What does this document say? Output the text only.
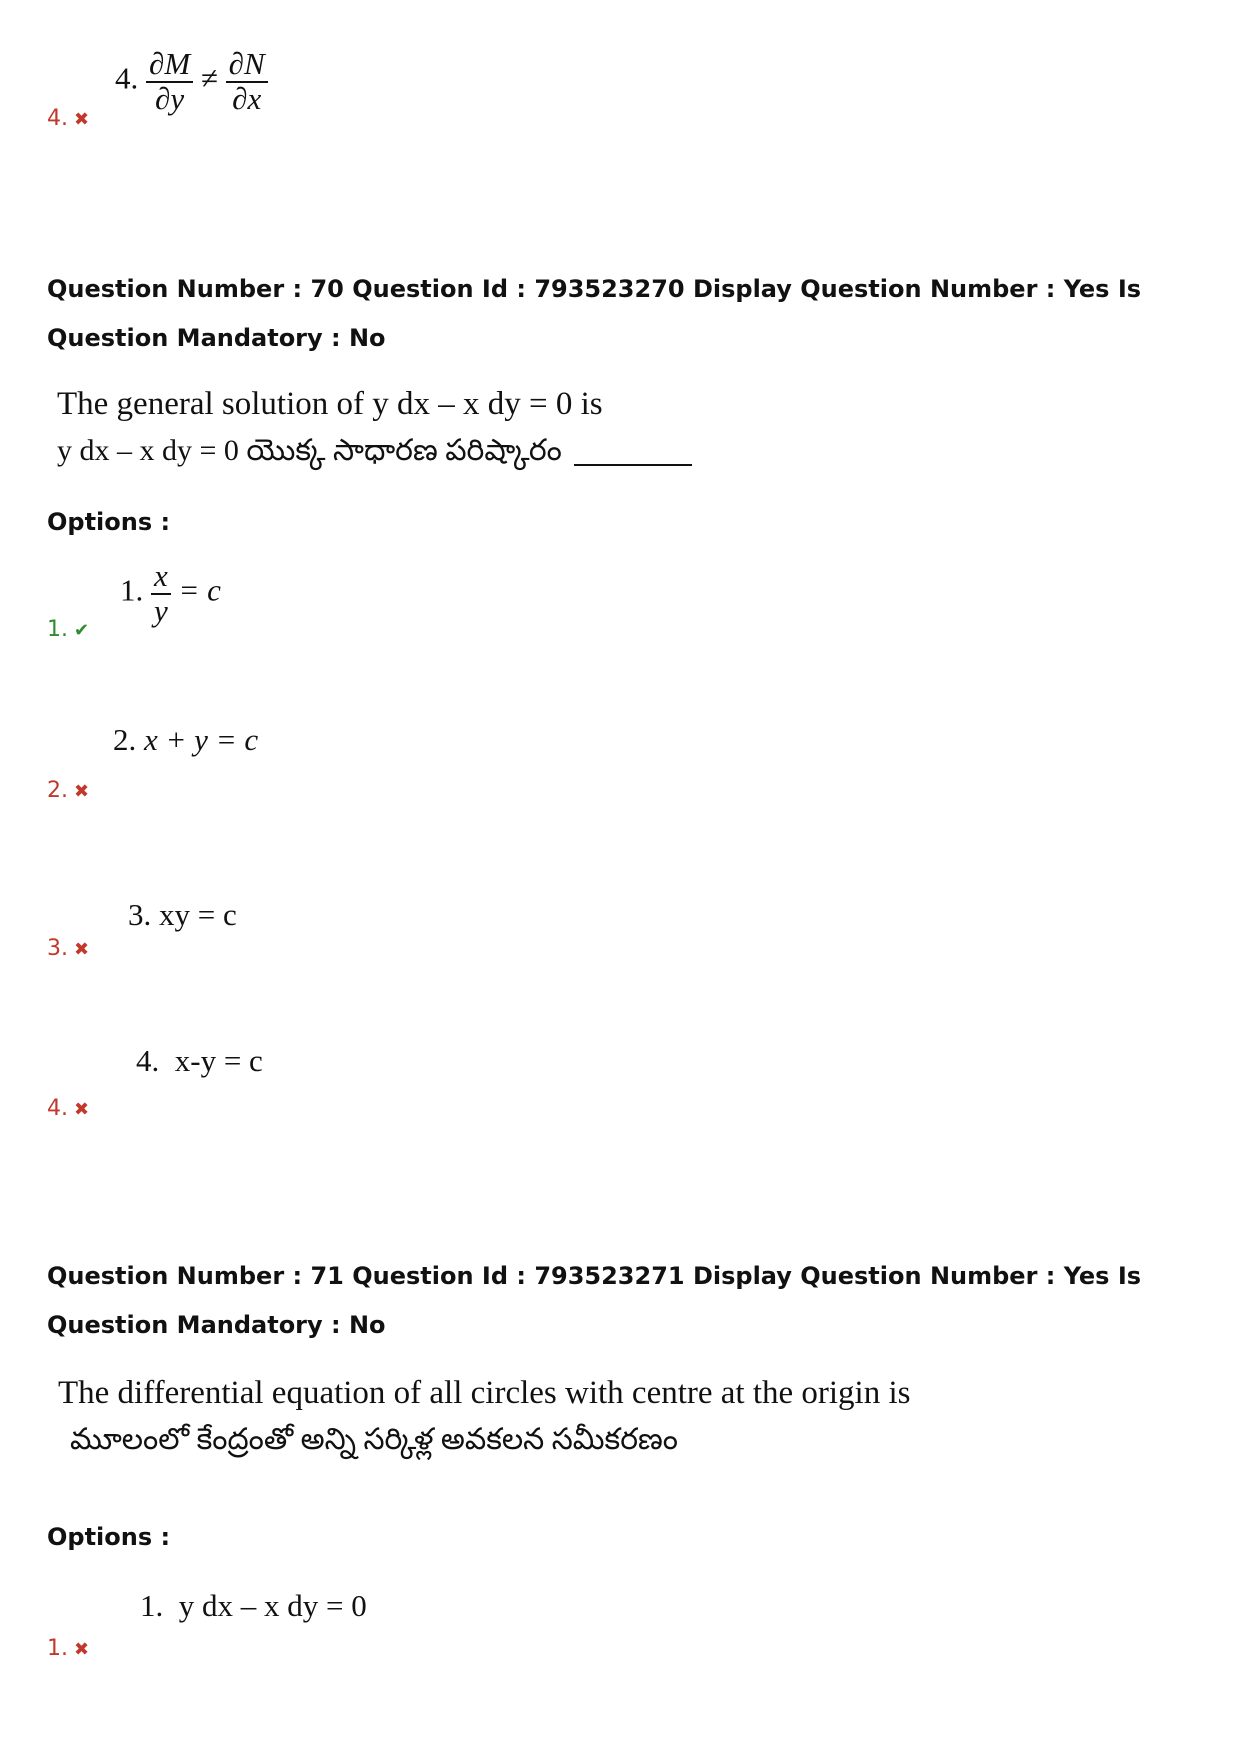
4. $\frac{\partial M}{\partial y} \ne \frac{\partial N}{\partial x}$
4. ✖
Question Number : 70 Question Id : 793523270 Display Question Number : Yes Is Question Mandatory : No
The general solution of y dx – x dy = 0 is
y dx – x dy = 0 యొక్క సాధారణ పరిష్కారం
Options :
1. $\frac{x}{y} = c$
1. ✔
2. x + y = c
2. ✖
3. xy = c
3. ✖
4. x-y = c
4. ✖
Question Number : 71 Question Id : 793523271 Display Question Number : Yes Is Question Mandatory : No
The differential equation of all circles with centre at the origin is
మూలంలో కేంద్రంతో అన్ని సర్కిళ్ల అవకలన సమీకరణం
Options :
1. y dx – x dy = 0
1. ✖
